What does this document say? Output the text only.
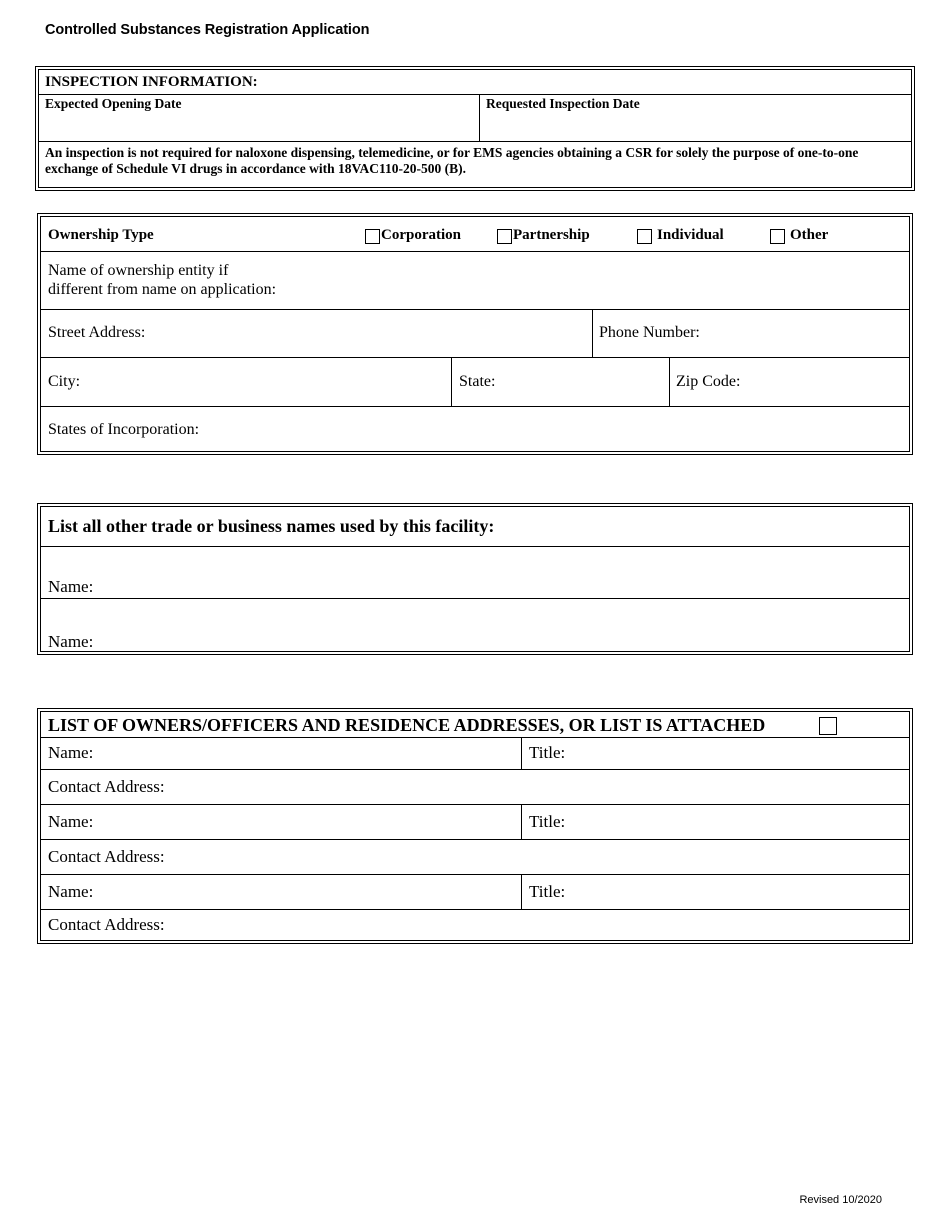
Controlled Substances Registration Application
INSPECTION INFORMATION:
Expected Opening Date	Requested Inspection Date
An inspection is not required for naloxone dispensing, telemedicine, or for EMS agencies obtaining a CSR for solely the purpose of one-to-one
exchange of Schedule VI drugs in accordance with 18VAC110-20-500 (B).
Ownership Type	Corporation	Partnership	Individual	Other
Name of ownership entity if
different from name on application:
Street Address:	Phone Number:
City:	State:	Zip Code:
States of Incorporation:
List all other trade or business names used by this facility:
Name:
Name:
LIST OF OWNERS/OFFICERS AND RESIDENCE ADDRESSES, OR LIST IS ATTACHED
Name:	Title:
Contact Address:
Name:	Title:
Contact Address:
Name:	Title:
Contact Address:
Revised 10/2020
